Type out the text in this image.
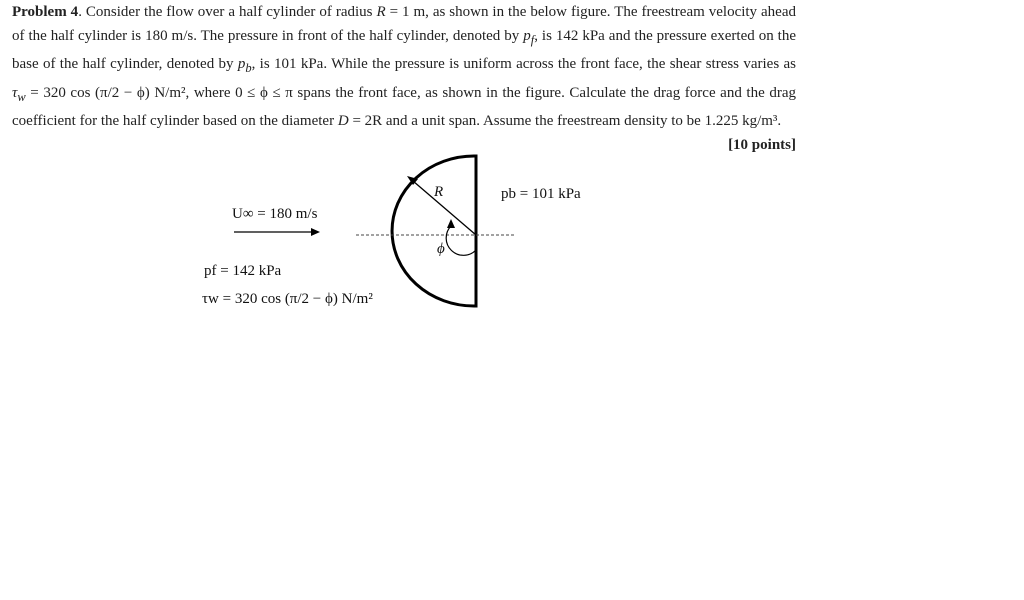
Problem 4. Consider the flow over a half cylinder of radius R = 1 m, as shown in the below figure. The freestream velocity ahead of the half cylinder is 180 m/s. The pressure in front of the half cylinder, denoted by $p_f$, is 142 kPa and the pressure exerted on the base of the half cylinder, denoted by $p_b$, is 101 kPa. While the pressure is uniform across the front face, the shear stress varies as $\tau_w = 320$ cos (π/2 − ϕ) N/m², where 0 ≤ ϕ ≤ π spans the front face, as shown in the figure. Calculate the drag force and the drag coefficient for the half cylinder based on the diameter D = 2R and a unit span. Assume the freestream density to be 1.225 kg/m³.
[10 points]

U∞ = 180 m/s
R
ϕ
pb = 101 kPa
pf = 142 kPa
τw = 320 cos (π/2 − ϕ) N/m²
